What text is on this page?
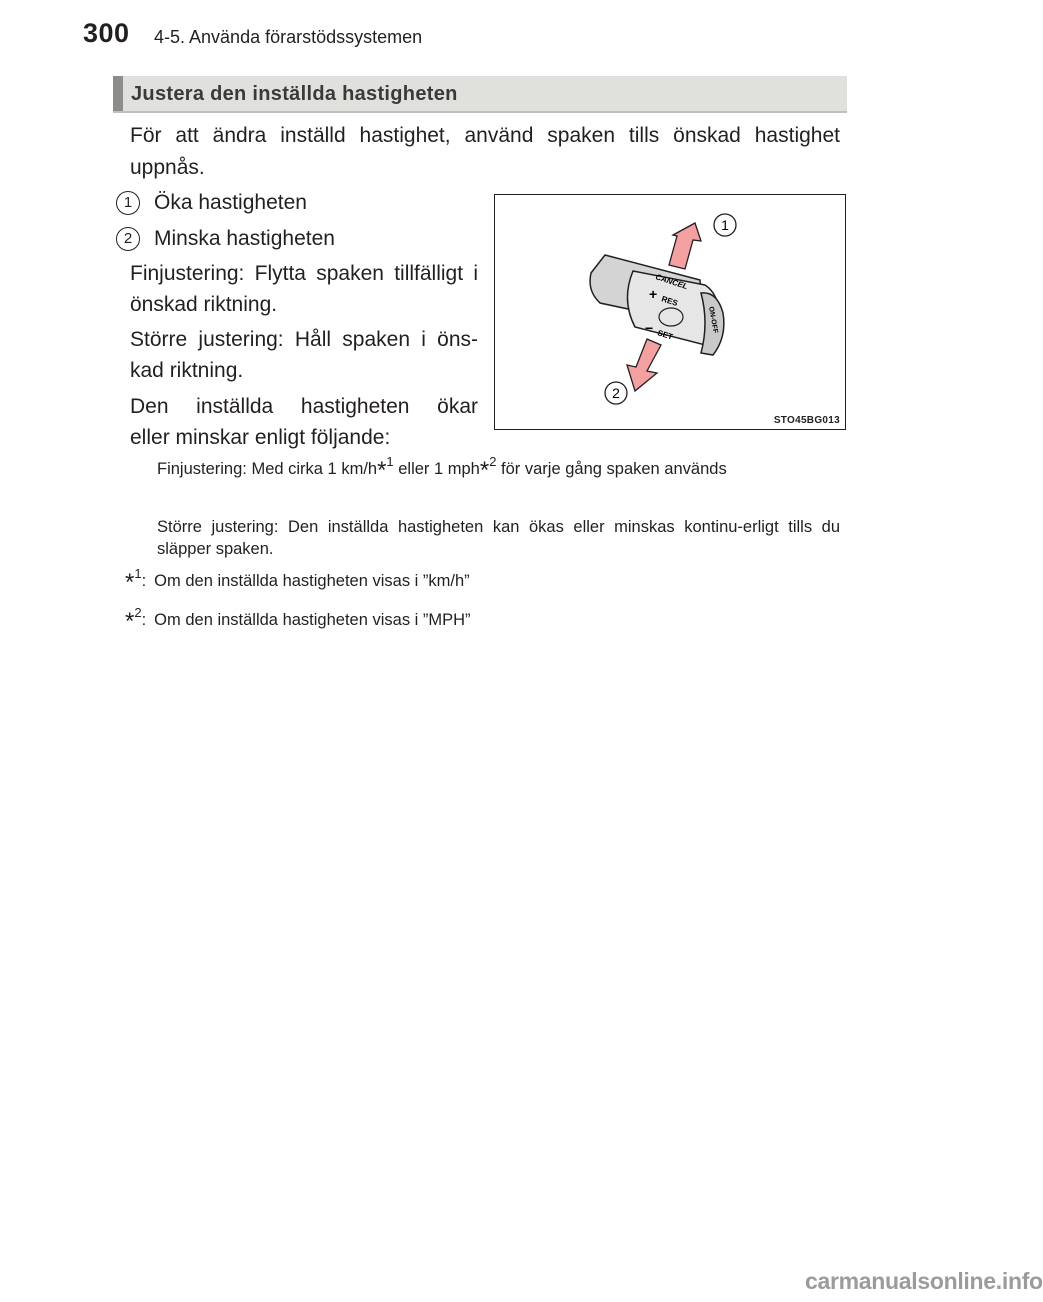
300 4-5. Använda förarstödssystemen
Justera den inställda hastigheten
För att ändra inställd hastighet, använd spaken tills önskad hastighet uppnås.
1 Öka hastigheten
2 Minska hastigheten
Finjustering: Flytta spaken tillfälligt i önskad riktning.
Större justering: Håll spaken i öns-kad riktning.
Den inställda hastigheten ökar
eller minskar enligt följande:
Finjustering: Med cirka 1 km/h*$^1$ eller 1 mph*$^2$ för varje gång spaken används
Större justering: Den inställda hastigheten kan ökas eller minskas kontinu-erligt tills du släpper spaken.
*$^1$: Om den inställda hastigheten visas i ”km/h”
*$^2$: Om den inställda hastigheten visas i ”MPH”
CANCEL
+ RES
− SET
ON-OFF
1
2
STO45BG013
carmanualsonline.info
